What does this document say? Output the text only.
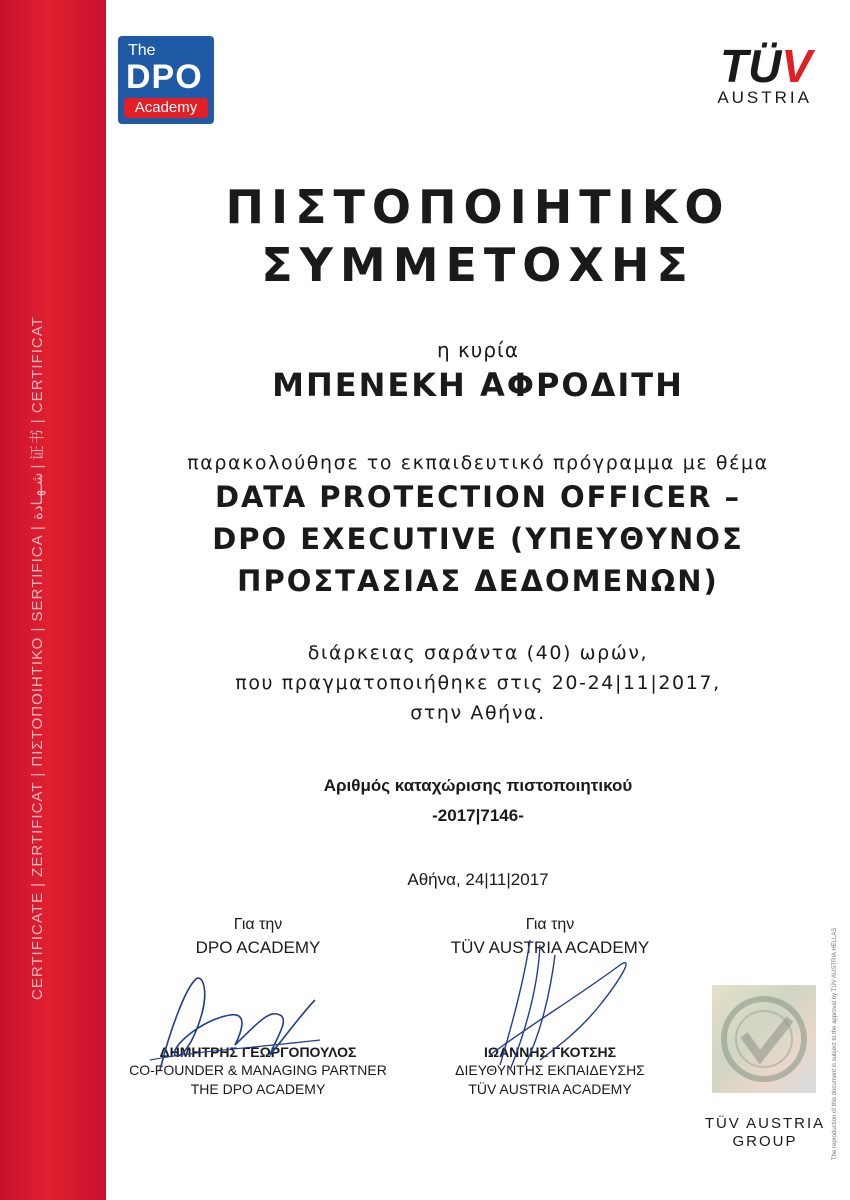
CERTIFICATE | ZERTIFICAT | ΠΙΣΤΟΠΟΙΗΤΙΚΟ | SERTIFICA | شـهـادة | 证书 | CERTIFICAT
The
DPO
Academy
TÜV
AUSTRIA
ΠΙΣΤΟΠΟΙΗΤΙΚΟ
ΣΥΜΜΕΤΟΧΗΣ
η κυρία
ΜΠΕΝΕΚΗ ΑΦΡΟΔΙΤΗ
παρακολούθησε το εκπαιδευτικό πρόγραμμα με θέμα
DATA PROTECTION OFFICER –
DPO EXECUTIVE (ΥΠΕΥΘΥΝΟΣ
ΠΡΟΣΤΑΣΙΑΣ ΔΕΔΟΜΕΝΩΝ)
διάρκειας σαράντα (40) ωρών,
που πραγματοποιήθηκε στις 20-24|11|2017,
στην Αθήνα.
Αριθμός καταχώρισης πιστοποιητικού
-2017|7146-
Αθήνα, 24|11|2017
Για την
DPO ACADEMY
ΔΗΜΗΤΡΗΣ ΓΕΩΡΓΟΠΟΥΛΟΣ
CO-FOUNDER & MANAGING PARTNER
THE DPO ACADEMY
Για την
TÜV AUSTRIA ACADEMY
ΙΩΑΝΝΗΣ ΓΚΟΤΣΗΣ
ΔΙΕΥΘΥΝΤΗΣ ΕΚΠΑΙΔΕΥΣΗΣ
TÜV AUSTRIA ACADEMY
TÜV AUSTRIA
GROUP	The reproduction of this document is subject to the approval by TÜV AUSTRIA HELLAS
